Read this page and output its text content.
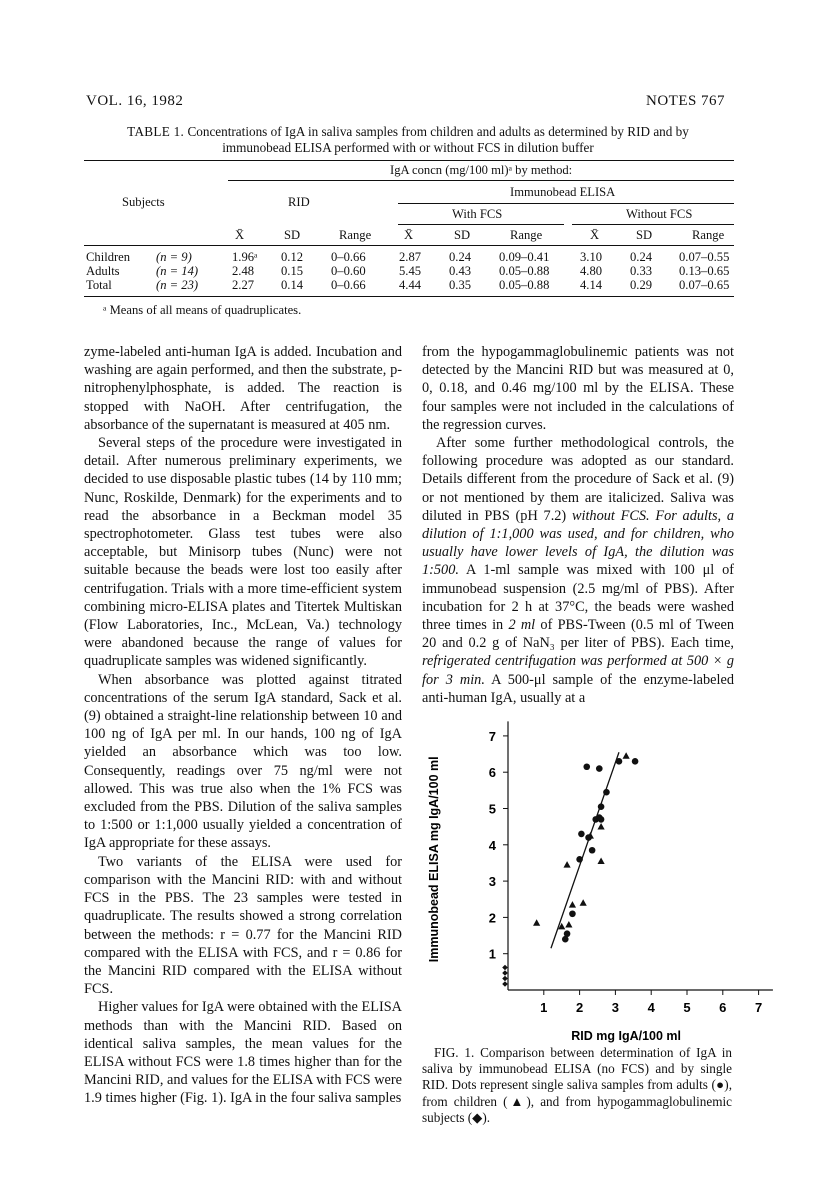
VOL. 16, 1982	NOTES 767
TABLE 1. Concentrations of IgA in saliva samples from children and adults as determined by RID and by
immunobead ELISA performed with or without FCS in dilution buffer
IgA concn (mg/100 ml)ᵃ by method:
Subjects	RID
Immunobead ELISA
With FCS	Without FCS
X̄	SD	Range	X̄	SD	Range	X̄	SD	Range
Children (n = 9)	1.96ᵃ 0.12 0–0.66	2.87 0.24 0.09–0.41 3.10 0.24 0.07–0.55
Adults	(n = 14)	2.48 0.15 0–0.60	5.45 0.43 0.05–0.88 4.80 0.33 0.13–0.65
Total	(n = 23)	2.27 0.14 0–0.66	4.44 0.35 0.05–0.88 4.14 0.29 0.07–0.65
ᵃ Means of all means of quadruplicates.

zyme-labeled anti-human IgA is added. Incubation and washing are again performed, and then the substrate, p-nitrophenylphosphate, is added. The reaction is stopped with NaOH. After centrifugation, the absorbance of the supernatant is measured at 405 nm.

Several steps of the procedure were investigated in detail. After numerous preliminary experiments, we decided to use disposable plastic tubes (14 by 110 mm; Nunc, Roskilde, Denmark) for the experiments and to read the absorbance in a Beckman model 35 spectrophotometer. Glass test tubes were also acceptable, but Minisorp tubes (Nunc) were not suitable because the beads were lost too easily after centrifugation. Trials with a more time-efficient system combining micro-ELISA plates and Titertek Multiskan (Flow Laboratories, Inc., McLean, Va.) technology were abandoned because the range of values for quadruplicate samples was widened significantly.

When absorbance was plotted against titrated concentrations of the serum IgA standard, Sack et al. (9) obtained a straight-line relationship between 10 and 100 ng of IgA per ml. In our hands, 100 ng of IgA yielded an absorbance which was too low. Consequently, readings over 75 ng/ml were not allowed. This was true also when the 1% FCS was excluded from the PBS. Dilution of the saliva samples to 1:500 or 1:1,000 usually yielded a concentration of IgA appropriate for these assays.

Two variants of the ELISA were used for comparison with the Mancini RID: with and without FCS in the PBS. The 23 samples were tested in quadruplicate. The results showed a strong correlation between the methods: r = 0.77 for the Mancini RID compared with the ELISA with FCS, and r = 0.86 for the Mancini RID compared with the ELISA without FCS.

Higher values for IgA were obtained with the ELISA methods than with the Mancini RID. Based on identical saliva samples, the mean values for the ELISA without FCS were 1.8 times higher than for the Mancini RID, and values for the ELISA with FCS were 1.9 times higher (Fig. 1). IgA in the four saliva samples

from the hypogammaglobulinemic patients was not detected by the Mancini RID but was measured at 0, 0, 0.18, and 0.46 mg/100 ml by the ELISA. These four samples were not included in the calculations of the regression curves.

After some further methodological controls, the following procedure was adopted as our standard. Details different from the procedure of Sack et al. (9) or not mentioned by them are italicized. Saliva was diluted in PBS (pH 7.2) without FCS. For adults, a dilution of 1:1,000 was used, and for children, who usually have lower levels of IgA, the dilution was 1:500. A 1-ml sample was mixed with 100 μl of immunobead suspension (2.5 mg/ml of PBS). After incubation for 2 h at 37°C, the beads were washed three times in 2 ml of PBS-Tween (0.5 ml of Tween 20 and 0.2 g of NaN₃ per liter of PBS). Each time, refrigerated centrifugation was performed at 500 × g for 3 min. A 500-μl sample of the enzyme-labeled anti-human IgA, usually at a

1 2 3 4 5 6 7
1
2
3
4
5
6
7
RID mg IgA/100 ml
Immunobead ELISA mg IgA/100 ml
FIG. 1. Comparison between determination of IgA in saliva by immunobead ELISA (no FCS) and by single RID. Dots represent single saliva samples from adults (●), from children (▲), and from hypogammaglobulinemic subjects (◆).
